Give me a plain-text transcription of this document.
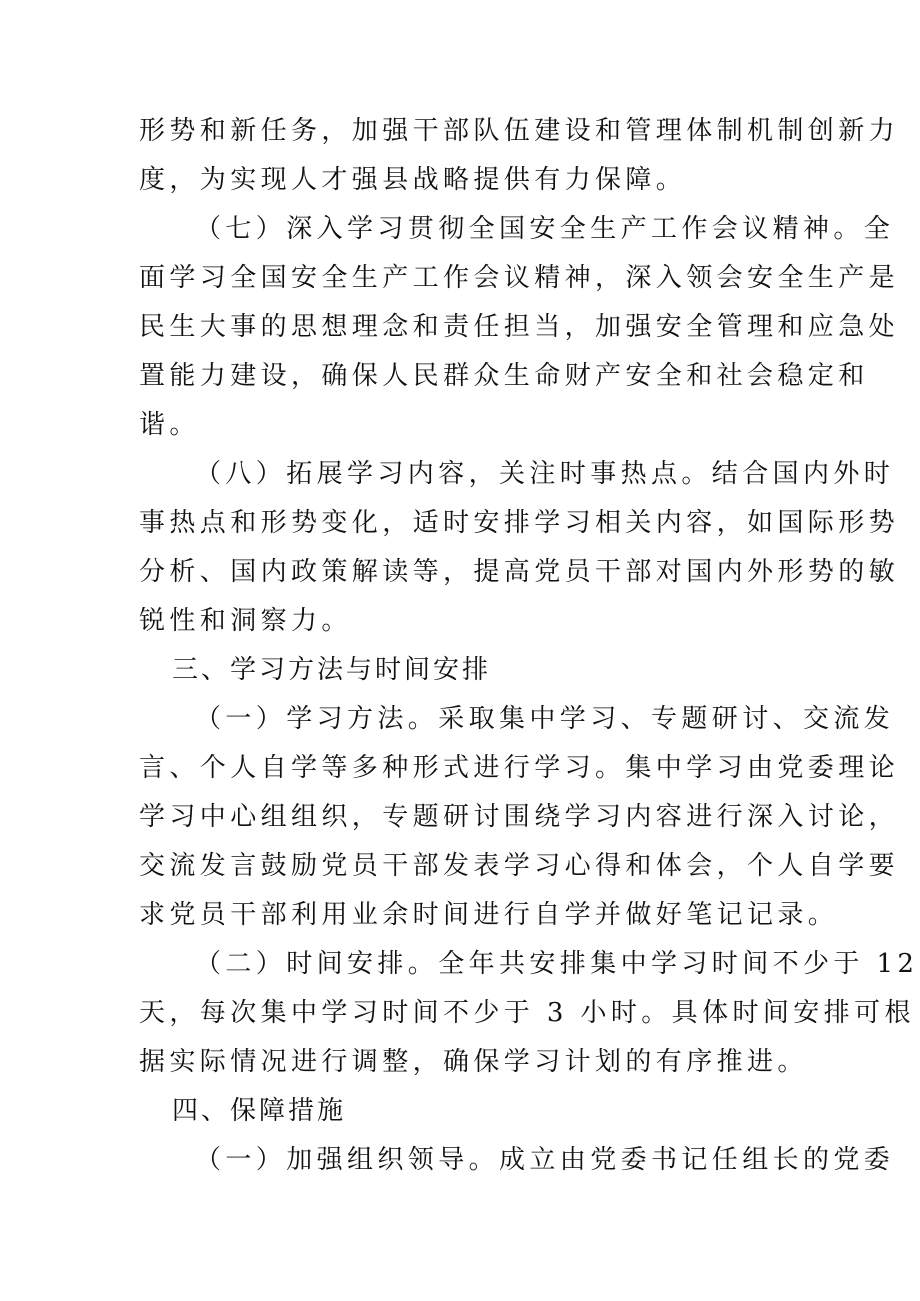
形势和新任务，加强干部队伍建设和管理体制机制创新力
度，为实现人才强县战略提供有力保障。
（七）深入学习贯彻全国安全生产工作会议精神。全
面学习全国安全生产工作会议精神，深入领会安全生产是
民生大事的思想理念和责任担当，加强安全管理和应急处
置能力建设，确保人民群众生命财产安全和社会稳定和
谐。
（八）拓展学习内容，关注时事热点。结合国内外时
事热点和形势变化，适时安排学习相关内容，如国际形势
分析、国内政策解读等，提高党员干部对国内外形势的敏
锐性和洞察力。
三、学习方法与时间安排
（一）学习方法。采取集中学习、专题研讨、交流发
言、个人自学等多种形式进行学习。集中学习由党委理论
学习中心组组织，专题研讨围绕学习内容进行深入讨论，
交流发言鼓励党员干部发表学习心得和体会，个人自学要
求党员干部利用业余时间进行自学并做好笔记记录。
（二）时间安排。全年共安排集中学习时间不少于 12
天，每次集中学习时间不少于 3 小时。具体时间安排可根
据实际情况进行调整，确保学习计划的有序推进。
四、保障措施
（一）加强组织领导。成立由党委书记任组长的党委
